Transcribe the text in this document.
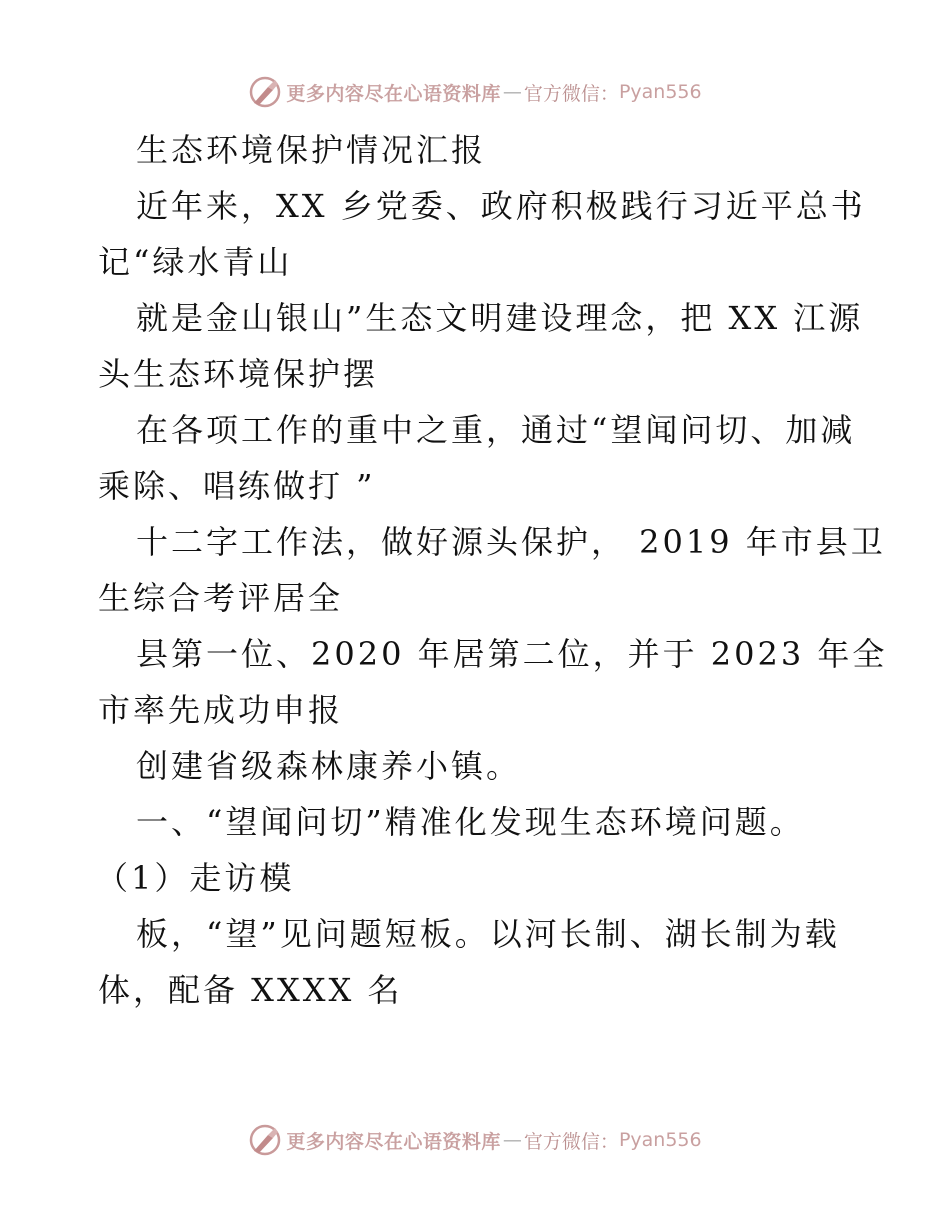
更多内容尽在心语资料库 — 官方微信： Pyan556
生态环境保护情况汇报
近年来，XX 乡党委、政府积极践行习近平总书
记“绿水青山
就是金山银山”生态文明建设理念，把 XX 江源
头生态环境保护摆
在各项工作的重中之重，通过“望闻问切、加减
乘除、唱练做打 ”
十二字工作法，做好源头保护， 2019 年市县卫
生综合考评居全
县第一位、2020 年居第二位，并于 2023 年全
市率先成功申报
创建省级森林康养小镇。
一、“望闻问切”精准化发现生态环境问题。
（1）走访模
板，“望”见问题短板。以河长制、湖长制为载
体，配备 XXXX 名
更多内容尽在心语资料库 — 官方微信： Pyan556
